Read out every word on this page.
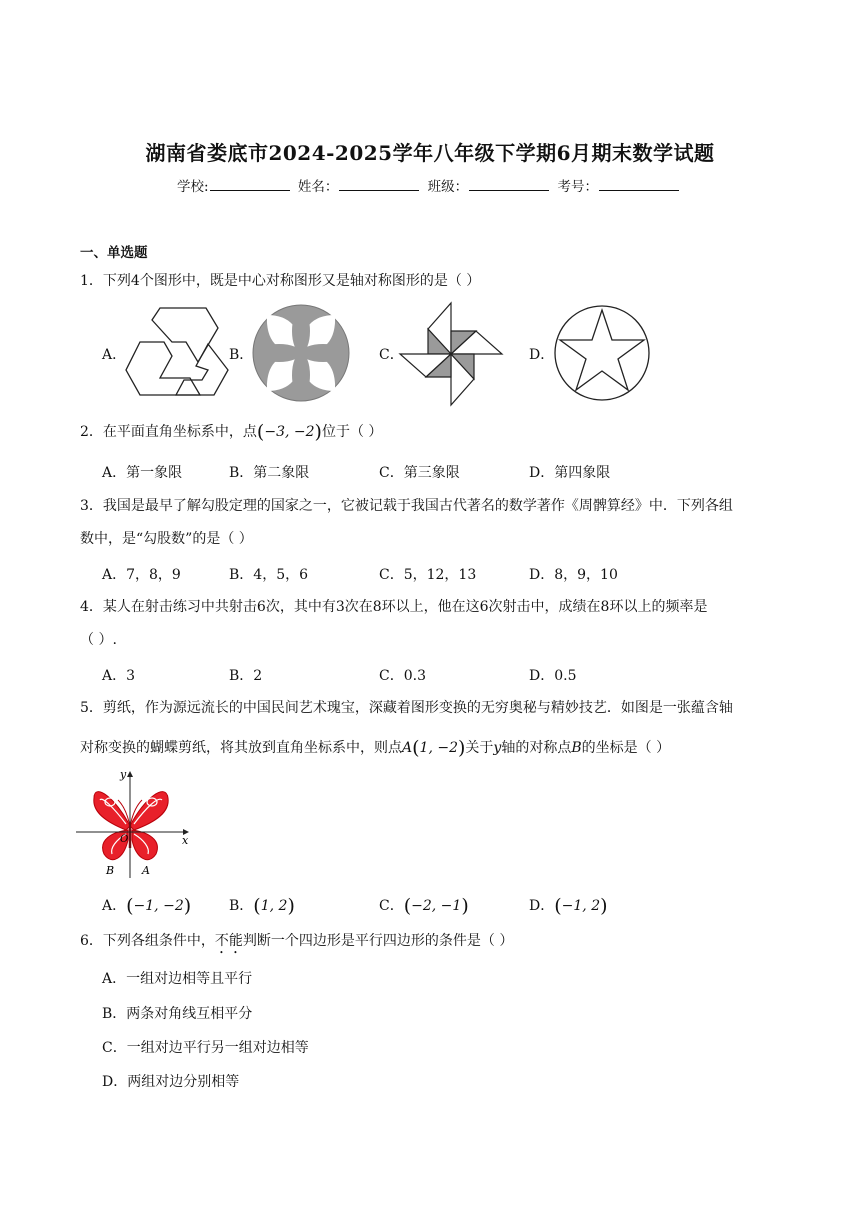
湖南省娄底市2024-2025学年八年级下学期6月期末数学试题
学校:	姓名：	班级：	考号：
一、单选题
1．下列4个图形中，既是中心对称图形又是轴对称图形的是（ ）
A．	B．	C．	D．
2．在平面直角坐标系中，点(−3, −2)位于（ ）
A．第一象限	B．第二象限	C．第三象限	D．第四象限
3．我国是最早了解勾股定理的国家之一，它被记载于我国古代著名的数学著作《周髀算经》中．下列各组
数中，是“勾股数”的是（ ）
A．7，8，9	B．4，5，6	C．5，12，13	D．8，9，10
4．某人在射击练习中共射击6次，其中有3次在8环以上，他在这6次射击中，成绩在8环以上的频率是
（ ）.
A．3	B．2	C．0.3	D．0.5
5．剪纸，作为源远流长的中国民间艺术瑰宝，深藏着图形变换的无穷奥秘与精妙技艺．如图是一张蕴含轴
对称变换的蝴蝶剪纸，将其放到直角坐标系中，则点A(1, −2)关于y轴的对称点B的坐标是（ ）
y
x
O
B	A
A．(−1, −2)	B．(1, 2)	C．(−2, −1)	D．(−1, 2)
6．下列各组条件中，不能判断一个四边形是平行四边形的条件是（ ）
A．一组对边相等且平行
B．两条对角线互相平分
C．一组对边平行另一组对边相等
D．两组对边分别相等
